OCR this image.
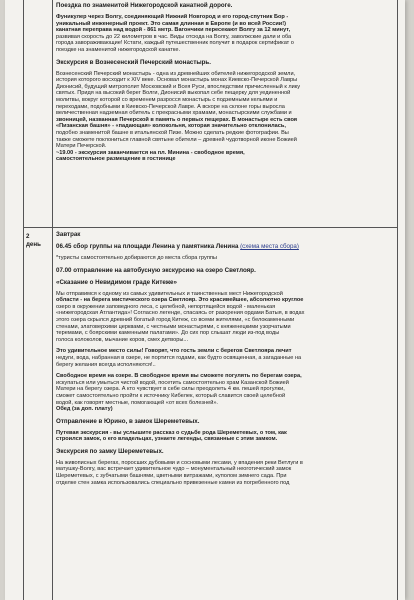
Поездка по знаменитой Нижегородской канатной дороге.

Фуникулер через Волгу, соединяющий Нижний Новгород и его город-спутник Бор -

уникальный инженерный проект. Это самая длинная в Европе (и во всей России!)

канатная переправа над водой - 861 метр. Вагончики пересекают Волгу за 12 минут,

развивая скорость до 22 километров в час. Виды отсюда на Волгу, заволжские дали и оба

города завораживающие! Кстати, каждый путешественник получит в подарок сертификат о

поездке на знаменитой нижегородской канатке.

Экскурсия в Вознесенский Печерский монастырь.

Вознесенский Печерский монастырь - одна из древнейших обителей нижегородской земли,

история которого восходит к XIV веке. Основал монастырь монах Киевско-Печерской Лавры

Дионисий, будущий митрополит Московский и Всея Руси, впоследствии причисленный к лику

святых. Придя на высокий берег Волги, Дионисий выкопал себе пещерку для уединенной

молитвы, вокруг которой со временем разросся монастырь с подземными кельями и

переходами, подобными в Киевско-Печерской Лавре. А вскоре на склоне горы выросла

величественная надземная обитель с прекрасными храмами, монастырскими службами и

звонницей, названная Печерской в память о первых пещерах. В монастыре есть своя

«Пизанская башня» - «падающая» колокольня, которая значительно отклонилась,

подобно знаменитой башне в итальянской Пизе. Можно сделать редкие фотографии. Вы

также сможете поклониться главной святыне обители – древней чудотворной иконе Божией

Матери Печерской.

~19.00 - экскурсия заканчивается на пл. Минина - свободное время,

самостоятельное размещение в гостинице

2
день

Завтрак

06.45 сбор группы на площади Ленина у памятника Ленина (схема места сбора)

*туристы самостоятельно добираются до места сбора группы

07.00 отправление на автобусную экскурсию на озеро Светлояр.

«Сказание о Невидимом граде Китеже»

Мы отправимся к одному из самых удивительных и таинственных мест Нижегородской

области - на берега мистического озера Светлояр. Это красивейшее, абсолютно круглое

озеро в окружении заповедного леса, с целебной, непортящейся водой - маленькая

«нижегородская Атлантида»! Согласно легенде, спасаясь от разорения ордами Батыя, в водах

этого озера скрылся древний богатый город Китеж, со всеми жителями, «с белокаменными

стенами, златоверхими церквами, с честными монастырями, с княженецкими узорчатыми

теремами, с боярскими каменными палатами». До сих пор слышат люди из-под воды

голоса колоколов, мычание коров, смех детворы...

Это удивительное место силы! Говорят, что гость земли с берегов Светлояра лечит

недуги, вода, набранная в озере, не портится годами, как будто освященная, а загаданные на

берегу желания всегда исполняются!..

Свободное время на озере. В свободное время вы сможете погулять по берегам озера,

искупаться или умыться чистой водой, посетить самостоятельно храм Казанской Божией

Матери на берегу озера. А кто чувствует в себе силы преодолеть 4 км. пешей прогулки,

сможет самостоятельно пройти к источнику Кибелек, который славится своей целебной

водой, как говорят местные, помогающей «от всех болезней».

Обед (за доп. плату)

Отправление в Юрино, в замок Шереметевых.

Путевая экскурсия - вы услышите рассказ о судьбе рода Шереметевых, о том, как

строился замок, о его владельцах, узнаете легенды, связанные с этим замком.

Экскурсия по замку Шереметевых.

На живописных берегах, поросших дубовыми и сосновыми лесами, у впадения реки Ветлуги в

матушку-Волгу, вас встречает удивительное чудо – монументальный неоготический замок

Шереметевых, с зубчатыми башнями, цветными витражами, куполом зимнего сада. При

отделке стен замка использовались специально привезенные камни из погребенного под
